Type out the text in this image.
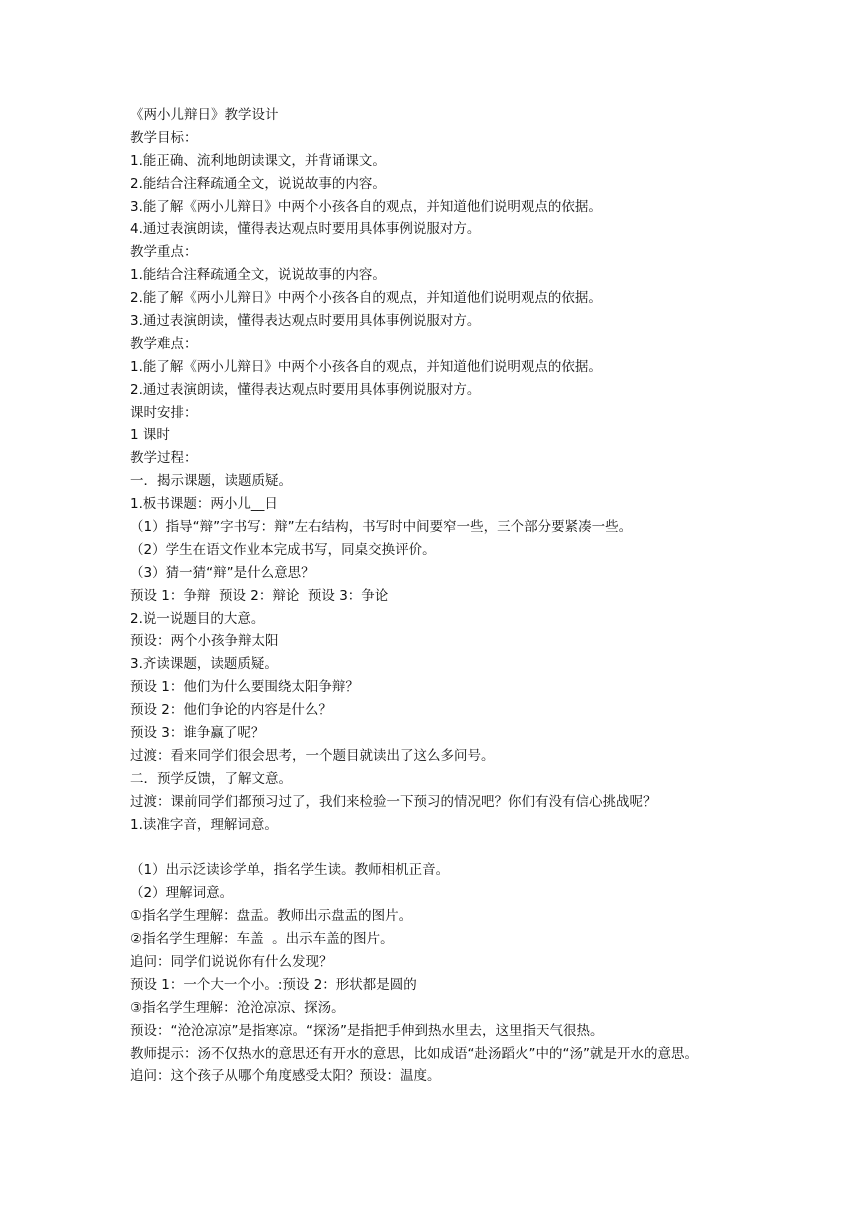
《两小儿辩日》教学设计
教学目标：
1.能正确、流利地朗读课文，并背诵课文。
2.能结合注释疏通全文，说说故事的内容。
3.能了解《两小儿辩日》中两个小孩各自的观点，并知道他们说明观点的依据。
4.通过表演朗读，懂得表达观点时要用具体事例说服对方。
教学重点：
1.能结合注释疏通全文，说说故事的内容。
2.能了解《两小儿辩日》中两个小孩各自的观点，并知道他们说明观点的依据。
3.通过表演朗读，懂得表达观点时要用具体事例说服对方。
教学难点：
1.能了解《两小儿辩日》中两个小孩各自的观点，并知道他们说明观点的依据。
2.通过表演朗读，懂得表达观点时要用具体事例说服对方。
课时安排：
1 课时
教学过程：
一．揭示课题，读题质疑。
1.板书课题：两小儿__日
（1）指导“辩”字书写：辩”左右结构，书写时中间要窄一些，三个部分要紧凑一些。
（2）学生在语文作业本完成书写，同桌交换评价。
（3）猜一猜“辩”是什么意思？
预设 1：争辩  预设 2：辩论  预设 3：争论
2.说一说题目的大意。
预设：两个小孩争辩太阳
3.齐读课题，读题质疑。
预设 1：他们为什么要围绕太阳争辩？
预设 2：他们争论的内容是什么？
预设 3：谁争赢了呢？
过渡：看来同学们很会思考，一个题目就读出了这么多问号。
二．预学反馈，了解文意。
过渡：课前同学们都预习过了，我们来检验一下预习的情况吧？你们有没有信心挑战呢？
1.读准字音，理解词意。
（1）出示泛读诊学单，指名学生读。教师相机正音。
（2）理解词意。
①指名学生理解：盘盂。教师出示盘盂的图片。
②指名学生理解：车盖  。出示车盖的图片。
追问：同学们说说你有什么发现？
预设 1：一个大一个小。:预设 2：形状都是圆的
③指名学生理解：沧沧凉凉、探汤。
预设：“沧沧凉凉”是指寒凉。“探汤”是指把手伸到热水里去，这里指天气很热。
教师提示：汤不仅热水的意思还有开水的意思，比如成语“赴汤蹈火”中的“汤”就是开水的意思。
追问：这个孩子从哪个角度感受太阳？预设：温度。
